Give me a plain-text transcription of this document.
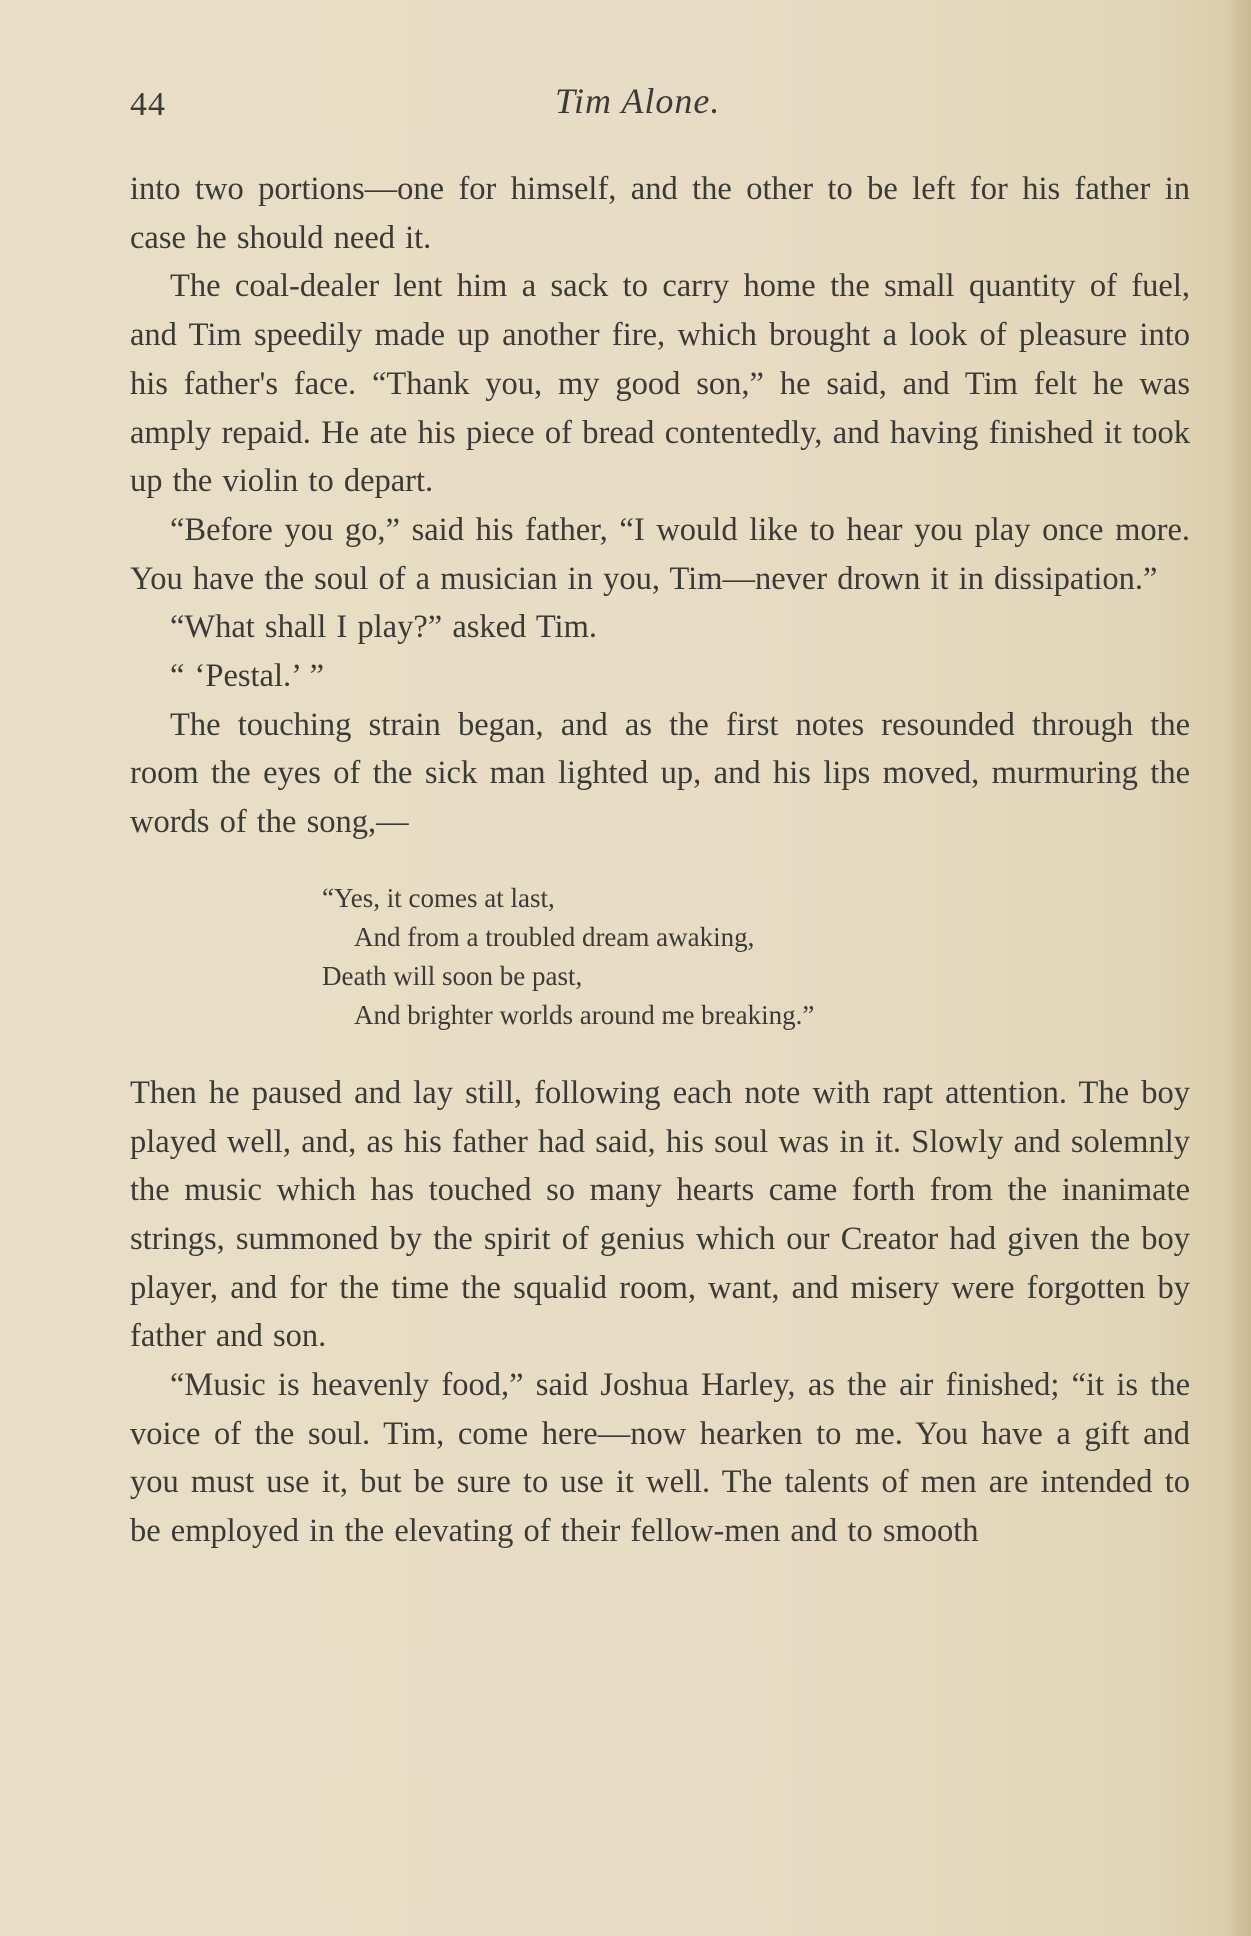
44	Tim Alone.

into two portions—one for himself, and the other to be left for his father in case he should need it.

The coal-dealer lent him a sack to carry home the small quantity of fuel, and Tim speedily made up another fire, which brought a look of pleasure into his father's face. “Thank you, my good son,” he said, and Tim felt he was amply repaid. He ate his piece of bread contentedly, and having finished it took up the violin to depart.

“Before you go,” said his father, “I would like to hear you play once more. You have the soul of a musician in you, Tim—never drown it in dissipation.”

“What shall I play?” asked Tim.

“ ‘Pestal.’ ”

The touching strain began, and as the first notes resounded through the room the eyes of the sick man lighted up, and his lips moved, murmuring the words of the song,—

“Yes, it comes at last,
And from a troubled dream awaking,
Death will soon be past,
And brighter worlds around me breaking.”

Then he paused and lay still, following each note with rapt attention. The boy played well, and, as his father had said, his soul was in it. Slowly and solemnly the music which has touched so many hearts came forth from the inanimate strings, summoned by the spirit of genius which our Creator had given the boy player, and for the time the squalid room, want, and misery were forgotten by father and son.

“Music is heavenly food,” said Joshua Harley, as the air finished; “it is the voice of the soul. Tim, come here—now hearken to me. You have a gift and you must use it, but be sure to use it well. The talents of men are intended to be employed in the elevating of their fellow-men and to smooth
